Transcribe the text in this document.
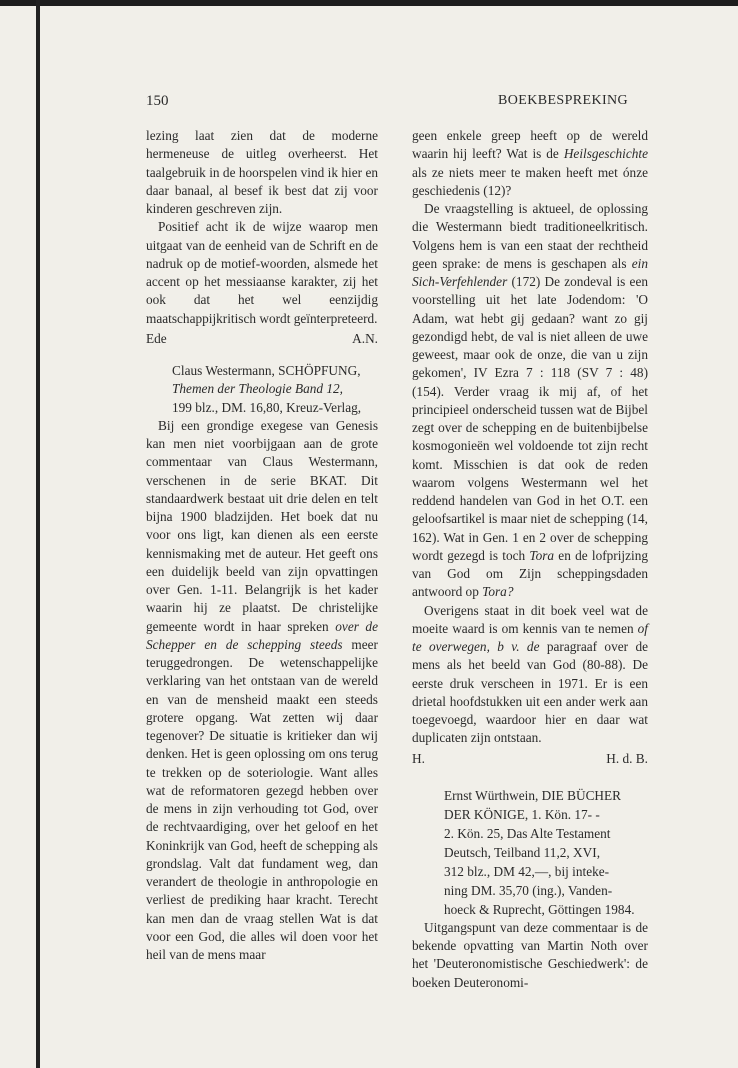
150	BOEKBESPREKING

lezing laat zien dat de moderne hermeneuse de uitleg overheerst. Het taalgebruik in de hoorspelen vind ik hier en daar banaal, al besef ik best dat zij voor kinderen geschreven zijn.

Positief acht ik de wijze waarop men uitgaat van de eenheid van de Schrift en de nadruk op de motief-woorden, alsmede het accent op het messiaanse karakter, zij het ook dat het wel eenzijdig maatschappijkritisch wordt geïnterpreteerd.

Ede	A.N.
Claus Westermann, SCHÖPFUNG,
Themen der Theologie Band 12,
199 blz., DM. 16,80, Kreuz-Verlag,

Bij een grondige exegese van Genesis kan men niet voorbijgaan aan de grote commentaar van Claus Westermann, verschenen in de serie BKAT. Dit standaardwerk bestaat uit drie delen en telt bijna 1900 bladzijden. Het boek dat nu voor ons ligt, kan dienen als een eerste kennismaking met de auteur. Het geeft ons een duidelijk beeld van zijn opvattingen over Gen. 1-11. Belangrijk is het kader waarin hij ze plaatst. De christelijke gemeente wordt in haar spreken over de Schepper en de schepping steeds meer teruggedrongen. De wetenschappelijke verklaring van het ontstaan van de wereld en van de mensheid maakt een steeds grotere opgang. Wat zetten wij daar tegenover? De situatie is kritieker dan wij denken. Het is geen oplossing om ons terug te trekken op de soteriologie. Want alles wat de reformatoren gezegd hebben over de mens in zijn verhouding tot God, over de rechtvaardiging, over het geloof en het Koninkrijk van God, heeft de schepping als grondslag. Valt dat fundament weg, dan verandert de theologie in anthropologie en verliest de prediking haar kracht. Terecht kan men dan de vraag stellen Wat is dat voor een God, die alles wil doen voor het heil van de mens maar

geen enkele greep heeft op de wereld waarin hij leeft? Wat is de Heilsgeschichte als ze niets meer te maken heeft met ónze geschiedenis (12)?

De vraagstelling is aktueel, de oplossing die Westermann biedt traditioneelkritisch. Volgens hem is van een staat der rechtheid geen sprake: de mens is geschapen als ein Sich-Verfehlender (172) De zondeval is een voorstelling uit het late Jodendom: 'O Adam, wat hebt gij gedaan? want zo gij gezondigd hebt, de val is niet alleen de uwe geweest, maar ook de onze, die van u zijn gekomen', IV Ezra 7 : 118 (SV 7 : 48) (154). Verder vraag ik mij af, of het principieel onderscheid tussen wat de Bijbel zegt over de schepping en de buitenbijbelse kosmogonieën wel voldoende tot zijn recht komt. Misschien is dat ook de reden waarom volgens Westermann wel het reddend handelen van God in het O.T. een geloofsartikel is maar niet de schepping (14, 162). Wat in Gen. 1 en 2 over de schepping wordt gezegd is toch Tora en de lofprijzing van God om Zijn scheppingsdaden antwoord op Tora?

Overigens staat in dit boek veel wat de moeite waard is om kennis van te nemen of te overwegen, b v. de paragraaf over de mens als het beeld van God (80-88). De eerste druk verscheen in 1971. Er is een drietal hoofdstukken uit een ander werk aan toegevoegd, waardoor hier en daar wat duplicaten zijn ontstaan.

H.	H. d. B.
Ernst Würthwein, DIE BÜCHER
DER KÖNIGE, 1. Kön. 17- -
2. Kön. 25, Das Alte Testament
Deutsch, Teilband 11,2, XVI,
312 blz., DM 42,—, bij inteke-
ning DM. 35,70 (ing.), Vanden-
hoeck & Ruprecht, Göttingen 1984.

Uitgangspunt van deze commentaar is de bekende opvatting van Martin Noth over het 'Deuteronomistische Geschiedwerk': de boeken Deuteronomi-
